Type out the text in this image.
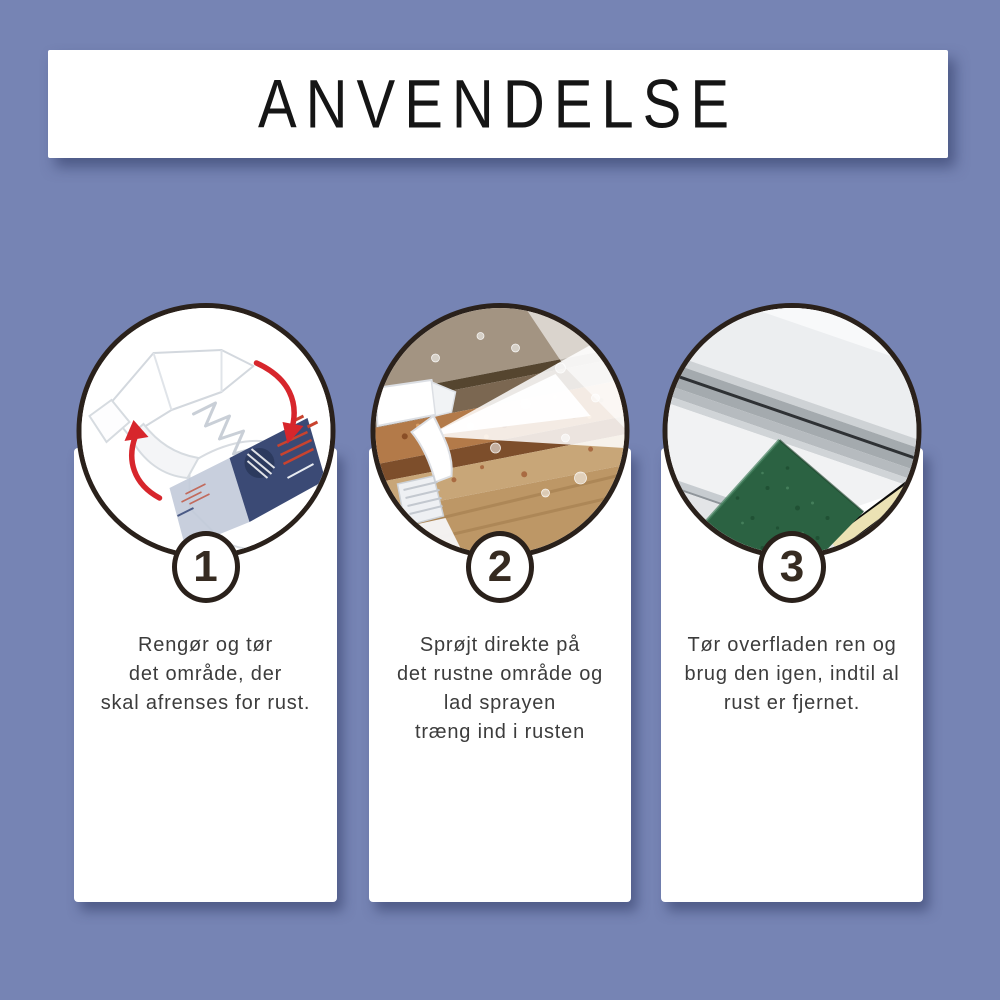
ANVENDELSE
1
Rengør og tør
det område, der
skal afrenses for rust.
2
Sprøjt direkte på
det rustne område og
lad sprayen
træng ind i rusten
3
Tør overfladen ren og
brug den igen, indtil al
rust er fjernet.
